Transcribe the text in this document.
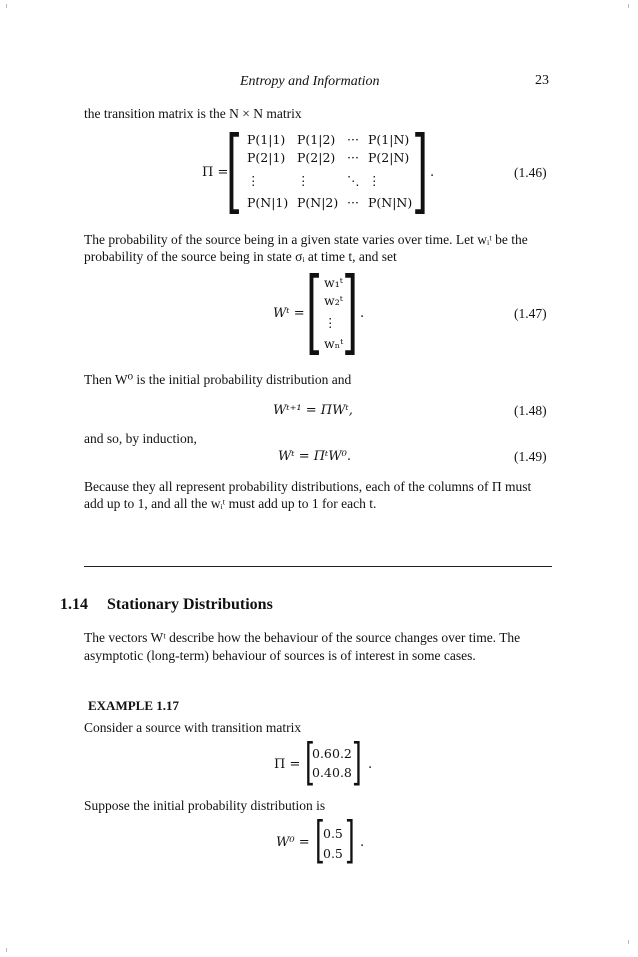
Entropy and Information	23
the transition matrix is the N × N matrix
Π =
[ P(1|1) P(1|2) ··· P(1|N)
P(2|1) P(2|2) ··· P(2|N)
⋮	⋮	⋱ ⋮
P(N|1) P(N|2) ··· P(N|N) ] .	(1.46)
The probability of the source being in a given state varies over time. Let wᵢᵗ be the
probability of the source being in state σᵢ at time t, and set
Wᵗ = [ w₁ᵗ
w₂ᵗ
⋮
wₙᵗ
] .	(1.47)
Then W⁰ is the initial probability distribution and
Wᵗ⁺¹ = ΠWᵗ,	(1.48)
and so, by induction,
Wᵗ = ΠᵗW⁰.	(1.49)
Because they all represent probability distributions, each of the columns of Π must
add up to 1, and all the wᵢᵗ must add up to 1 for each t.
1.14 Stationary Distributions
The vectors Wᵗ describe how the behaviour of the source changes over time. The
asymptotic (long-term) behaviour of sources is of interest in some cases.
EXAMPLE 1.17
Consider a source with transition matrix
Π = [
0.6 0.2
0.4 0.8 ] .
Suppose the initial probability distribution is
W⁰ = [
0.5
0.5 ] .
